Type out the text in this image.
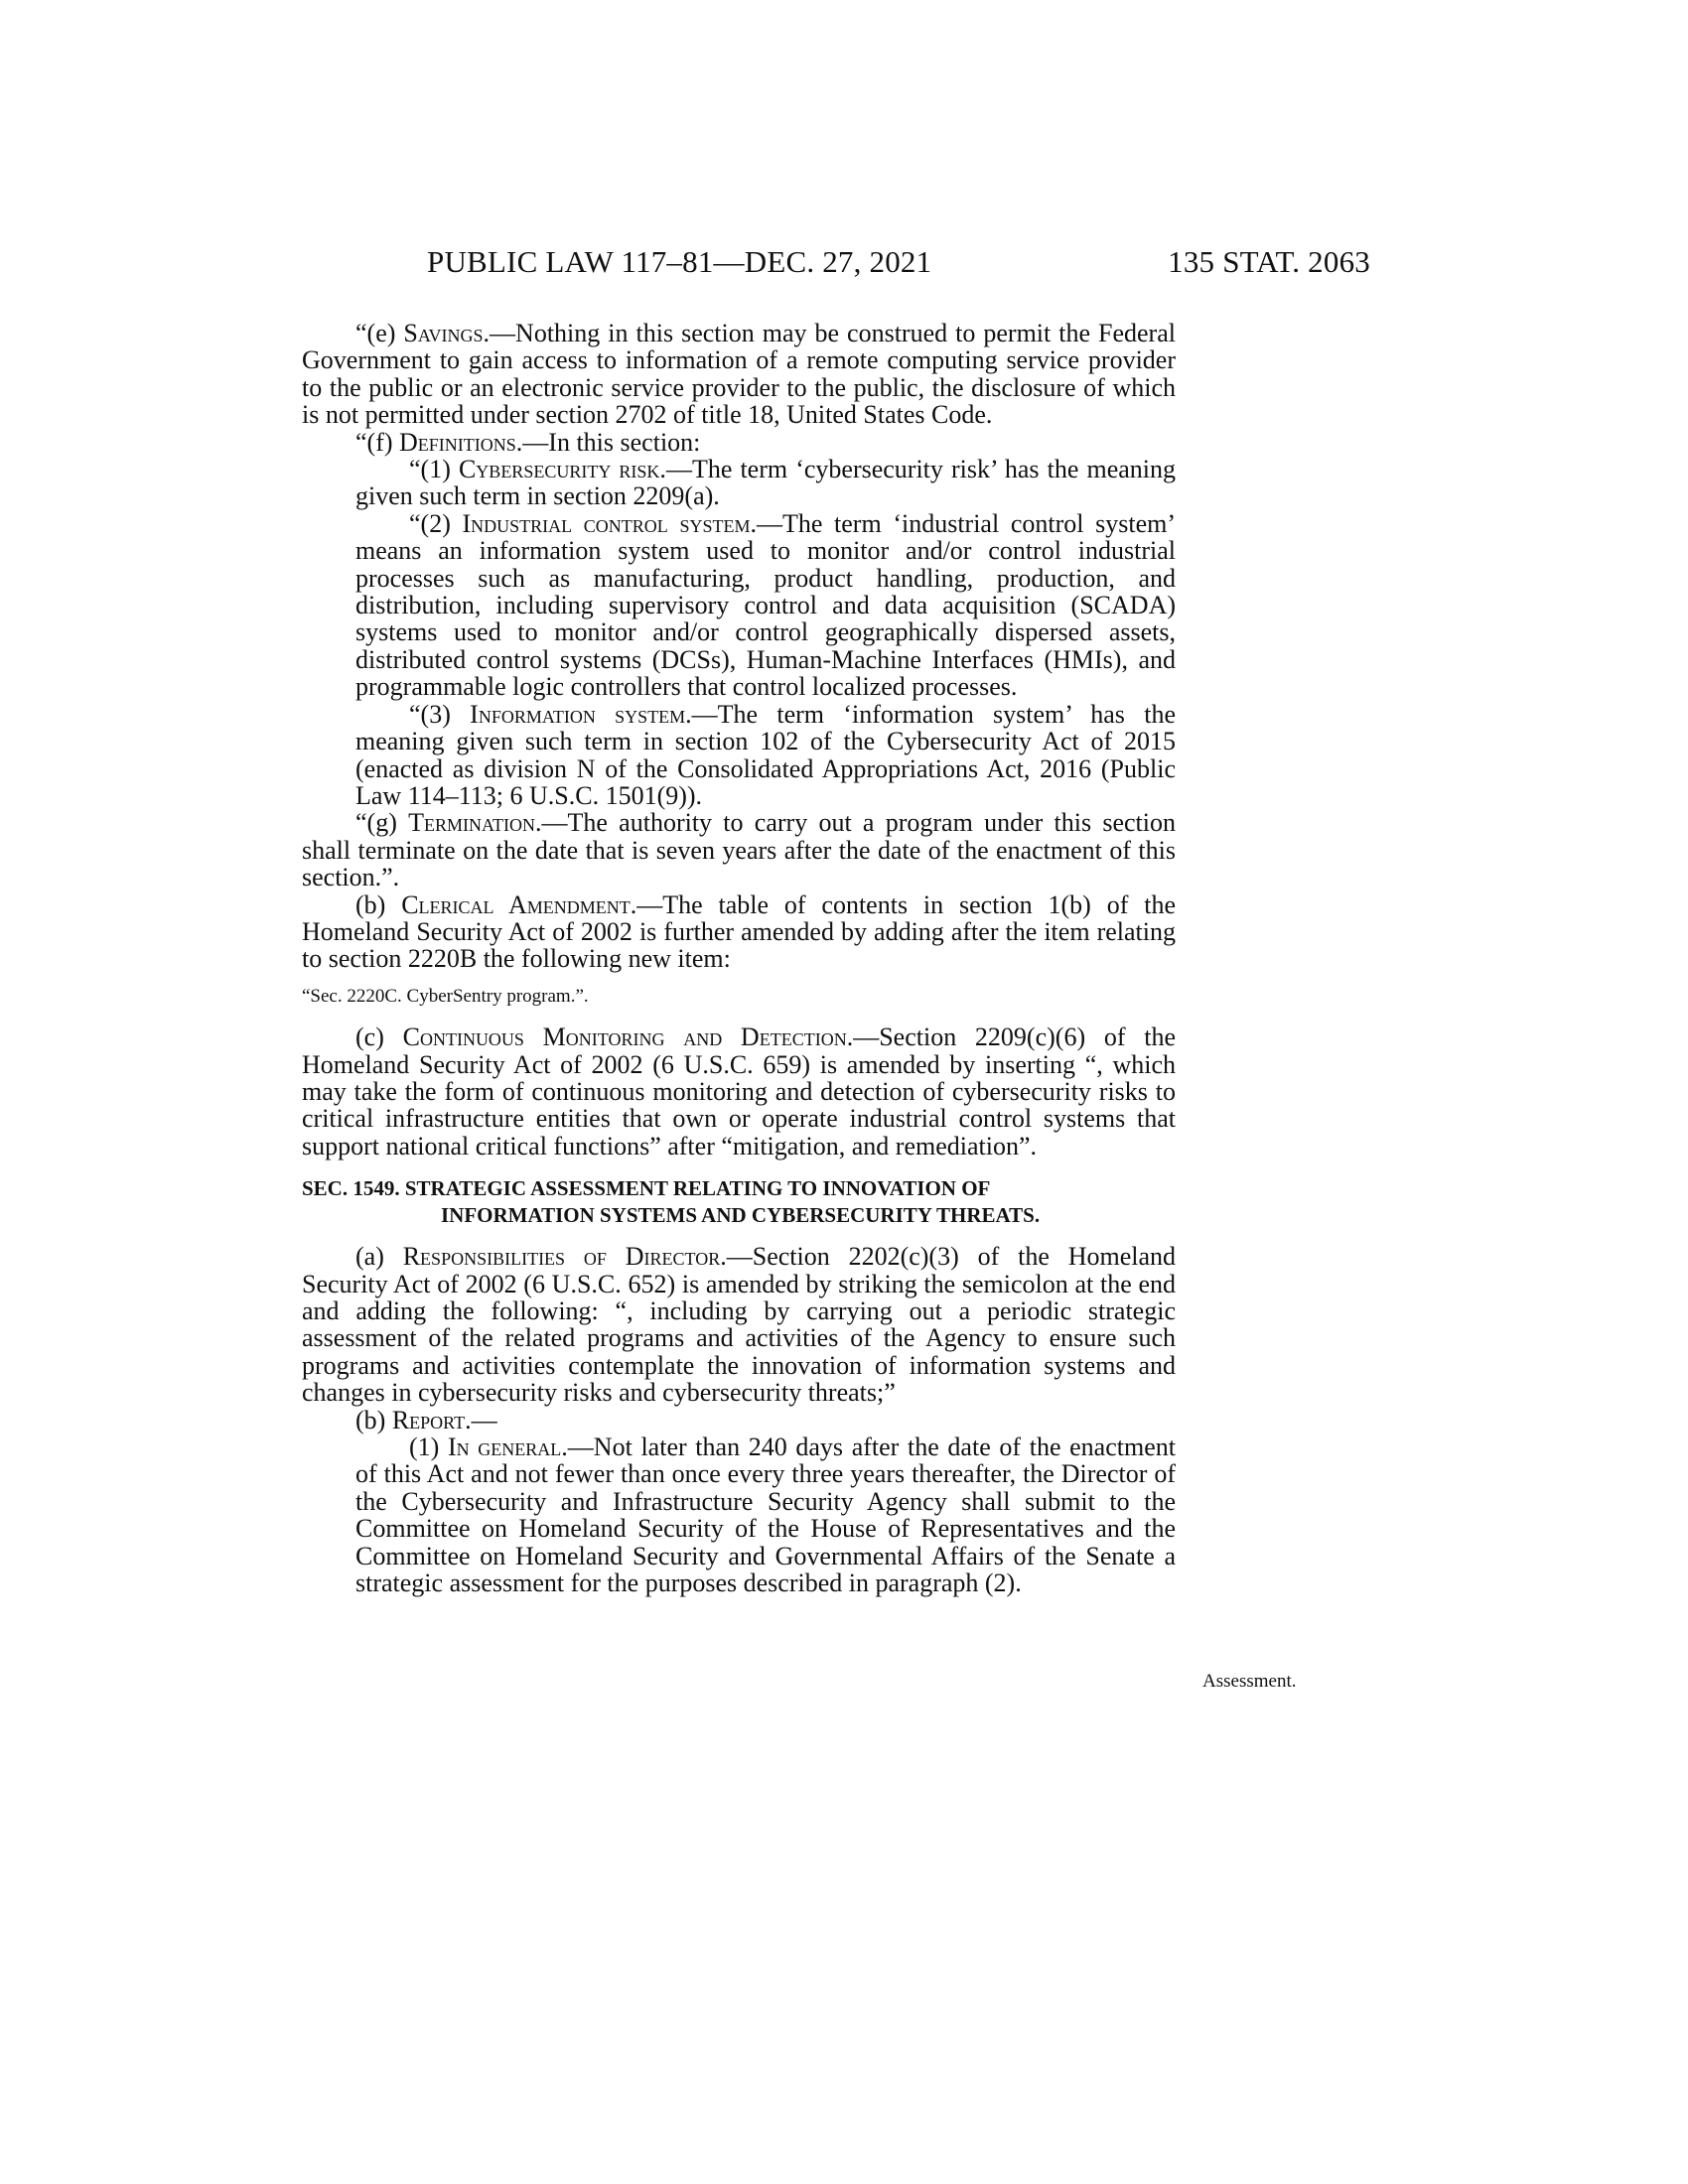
PUBLIC LAW 117–81—DEC. 27, 2021	135 STAT. 2063

“(e) Savings.—Nothing in this section may be construed to permit the Federal Government to gain access to information of a remote computing service provider to the public or an electronic service provider to the public, the disclosure of which is not permitted under section 2702 of title 18, United States Code.

“(f) Definitions.—In this section:

“(1) Cybersecurity risk.—The term ‘cybersecurity risk’ has the meaning given such term in section 2209(a).

“(2) Industrial control system.—The term ‘industrial control system’ means an information system used to monitor and/or control industrial processes such as manufacturing, product handling, production, and distribution, including supervisory control and data acquisition (SCADA) systems used to monitor and/or control geographically dispersed assets, distributed control systems (DCSs), Human-Machine Interfaces (HMIs), and programmable logic controllers that control localized processes.

“(3) Information system.—The term ‘information system’ has the meaning given such term in section 102 of the Cybersecurity Act of 2015 (enacted as division N of the Consolidated Appropriations Act, 2016 (Public Law 114–113; 6 U.S.C. 1501(9)).

“(g) Termination.—The authority to carry out a program under this section shall terminate on the date that is seven years after the date of the enactment of this section.”.

(b) Clerical Amendment.—The table of contents in section 1(b) of the Homeland Security Act of 2002 is further amended by adding after the item relating to section 2220B the following new item:

“Sec. 2220C. CyberSentry program.”.

(c) Continuous Monitoring and Detection.—Section 2209(c)(6) of the Homeland Security Act of 2002 (6 U.S.C. 659) is amended by inserting “, which may take the form of continuous monitoring and detection of cybersecurity risks to critical infrastructure entities that own or operate industrial control systems that support national critical functions” after “mitigation, and remediation”.

SEC. 1549. STRATEGIC ASSESSMENT RELATING TO INNOVATION OF
INFORMATION SYSTEMS AND CYBERSECURITY THREATS.

(a) Responsibilities of Director.—Section 2202(c)(3) of the Homeland Security Act of 2002 (6 U.S.C. 652) is amended by striking the semicolon at the end and adding the following: “, including by carrying out a periodic strategic assessment of the related programs and activities of the Agency to ensure such programs and activities contemplate the innovation of information systems and changes in cybersecurity risks and cybersecurity threats;”

(b) Report.—

(1) In general.—Not later than 240 days after the date of the enactment of this Act and not fewer than once every three years thereafter, the Director of the Cybersecurity and Infrastructure Security Agency shall submit to the Committee on Homeland Security of the House of Representatives and the Committee on Homeland Security and Governmental Affairs of the Senate a strategic assessment for the purposes described in paragraph (2).

Assessment.
